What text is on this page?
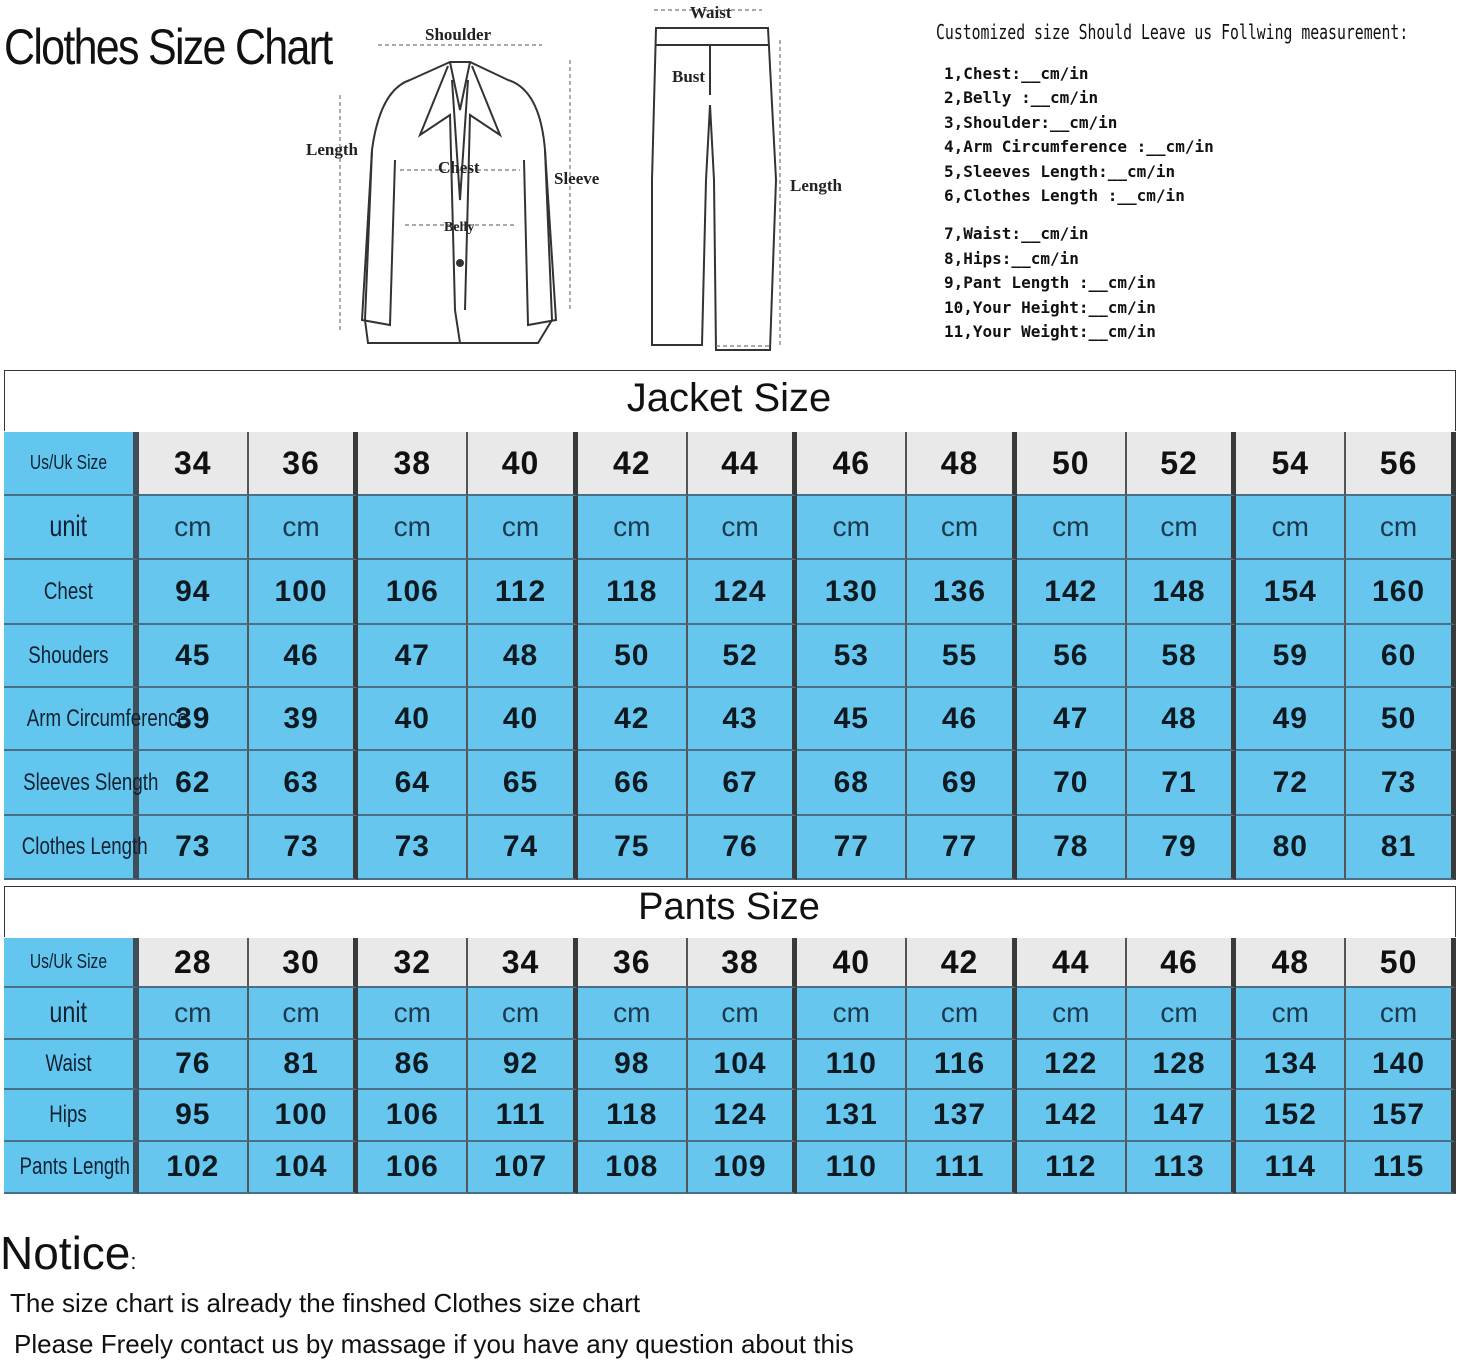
Clothes Size Chart	Shoulder
Length
Chest
Belly
Sleeve
Waist
Bust
Length
Customized size Should Leave us Follwing measurement:
1,Chest:__cm/in
2,Belly :__cm/in
3,Shoulder:__cm/in
4,Arm Circumference :__cm/in
5,Sleeves Length:__cm/in
6,Clothes Length :__cm/in
7,Waist:__cm/in
8,Hips:__cm/in
9,Pant Length :__cm/in
10,Your Height:__cm/in
11,Your Weight:__cm/in
Jacket Size
Us/Uk Size	34	36	38	40	42	44	46	48	50	52	54	56
unit	cm	cm	cm	cm	cm	cm	cm	cm	cm	cm	cm	cm
Chest	94	100	106	112	118	124	130	136	142	148	154	160
Shouders	45	46	47	48	50	52	53	55	56	58	59	60
Arm Circumference	39	39	40	40	42	43	45	46	47	48	49	50
Sleeves Slength	62	63	64	65	66	67	68	69	70	71	72	73
Clothes Length	73	73	73	74	75	76	77	77	78	79	80	81
Pants Size
Us/Uk Size	28	30	32	34	36	38	40	42	44	46	48	50
unit	cm	cm	cm	cm	cm	cm	cm	cm	cm	cm	cm	cm
Waist	76	81	86	92	98	104	110	116	122	128	134	140
Hips	95	100	106	111	118	124	131	137	142	147	152	157
Pants Length	102	104	106	107	108	109	110	111	112	113	114	115
Notice:
The size chart is already the finshed Clothes size chart
Please Freely contact us by massage if you have any question about this
